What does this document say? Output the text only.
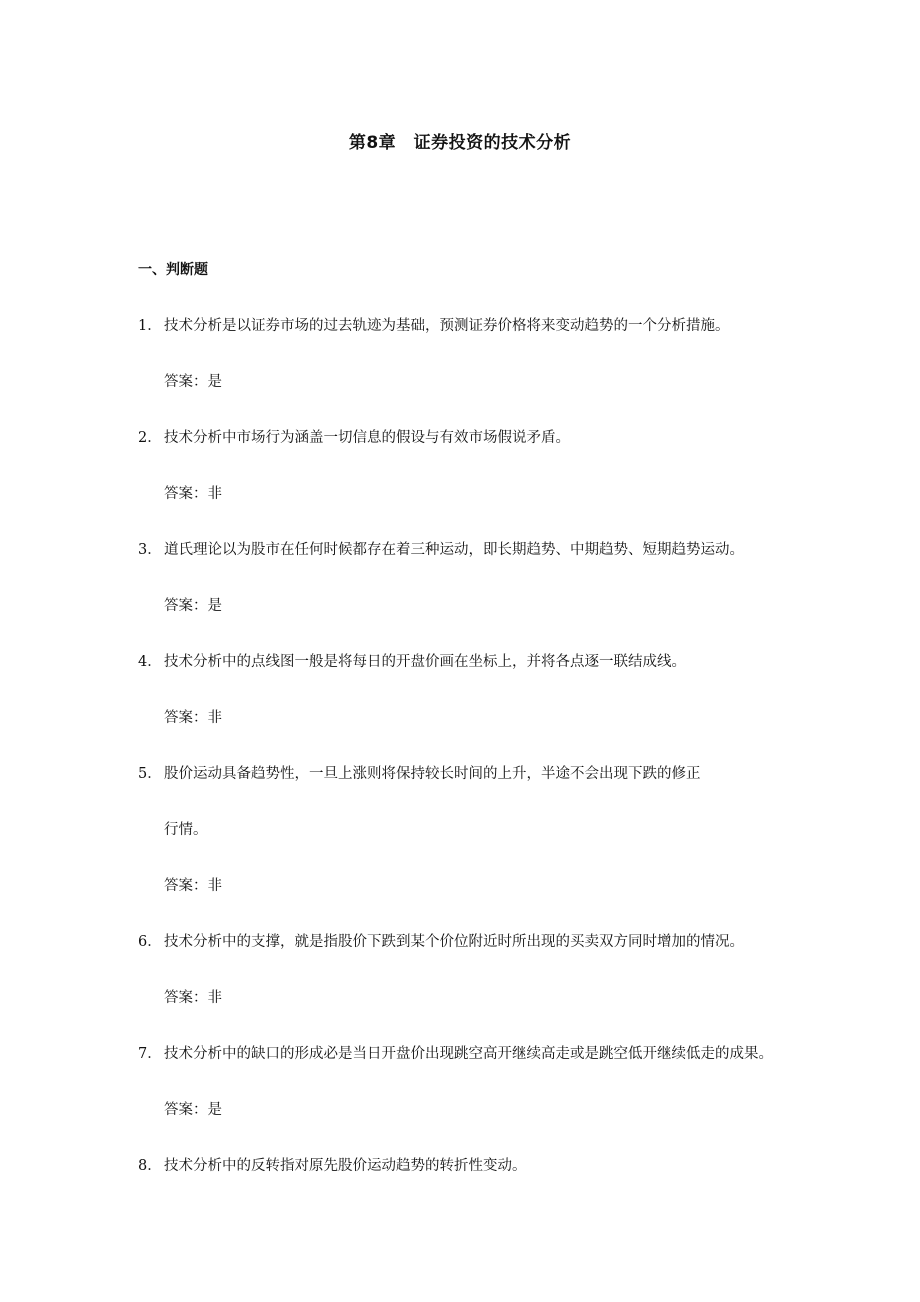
第8章　证券投资的技术分析
一、判断题
1． 技术分析是以证券市场的过去轨迹为基础，预测证券价格将来变动趋势的一个分析措施。
答案：是
2． 技术分析中市场行为涵盖一切信息的假设与有效市场假说矛盾。
答案：非
3． 道氏理论以为股市在任何时候都存在着三种运动，即长期趋势、中期趋势、短期趋势运动。
答案：是
4． 技术分析中的点线图一般是将每日的开盘价画在坐标上，并将各点逐一联结成线。
答案：非
5． 股价运动具备趋势性，一旦上涨则将保持较长时间的上升，半途不会出现下跌的修正
行情。
答案：非
6． 技术分析中的支撑，就是指股价下跌到某个价位附近时所出现的买卖双方同时增加的情况。
答案：非
7． 技术分析中的缺口的形成必是当日开盘价出现跳空高开继续高走或是跳空低开继续低走的成果。
答案：是
8． 技术分析中的反转指对原先股价运动趋势的转折性变动。
